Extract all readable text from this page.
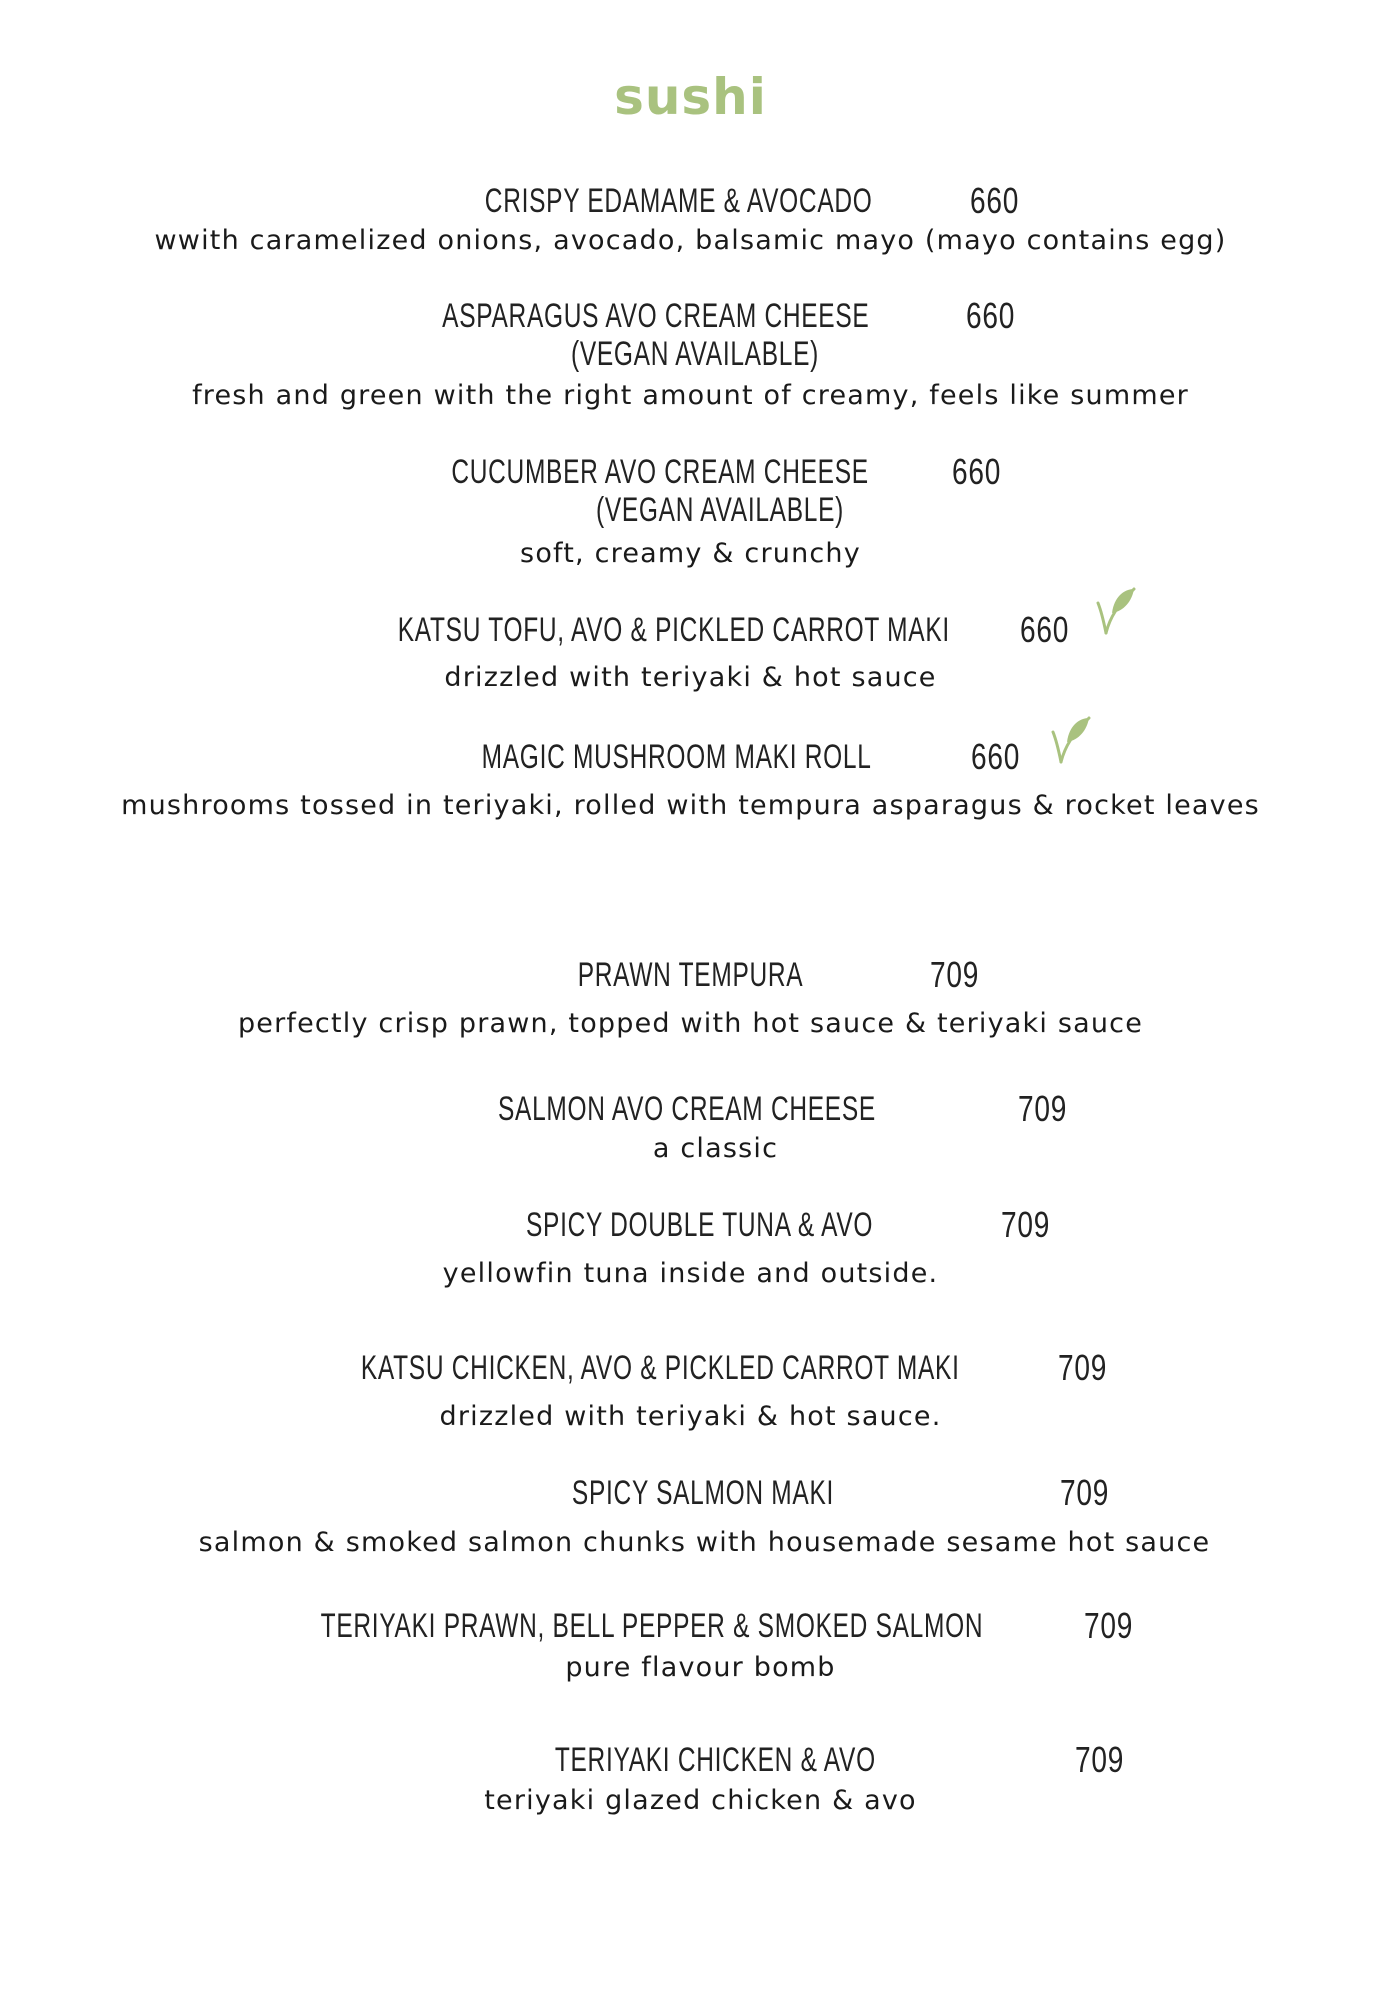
sushi
CRISPY EDAMAME & AVOCADO	660
wwith caramelized onions, avocado, balsamic mayo (mayo contains egg)
ASPARAGUS AVO CREAM CHEESE	660
(VEGAN AVAILABLE)
fresh and green with the right amount of creamy, feels like summer
CUCUMBER AVO CREAM CHEESE 660
(VEGAN AVAILABLE)
soft, creamy & crunchy
KATSU TOFU, AVO & PICKLED CARROT MAKI 660
drizzled with teriyaki & hot sauce
MAGIC MUSHROOM MAKI ROLL	660
mushrooms tossed in teriyaki, rolled with tempura asparagus & rocket leaves
PRAWN TEMPURA	709
perfectly crisp prawn, topped with hot sauce & teriyaki sauce
SALMON AVO CREAM CHEESE	709
a classic
SPICY DOUBLE TUNA & AVO	709
yellowfin tuna inside and outside.
KATSU CHICKEN, AVO & PICKLED CARROT MAKI	709
drizzled with teriyaki & hot sauce.
SPICY SALMON MAKI	709
salmon & smoked salmon chunks with housemade sesame hot sauce
TERIYAKI PRAWN, BELL PEPPER & SMOKED SALMON	709
pure flavour bomb
TERIYAKI CHICKEN & AVO	709
teriyaki glazed chicken & avo
